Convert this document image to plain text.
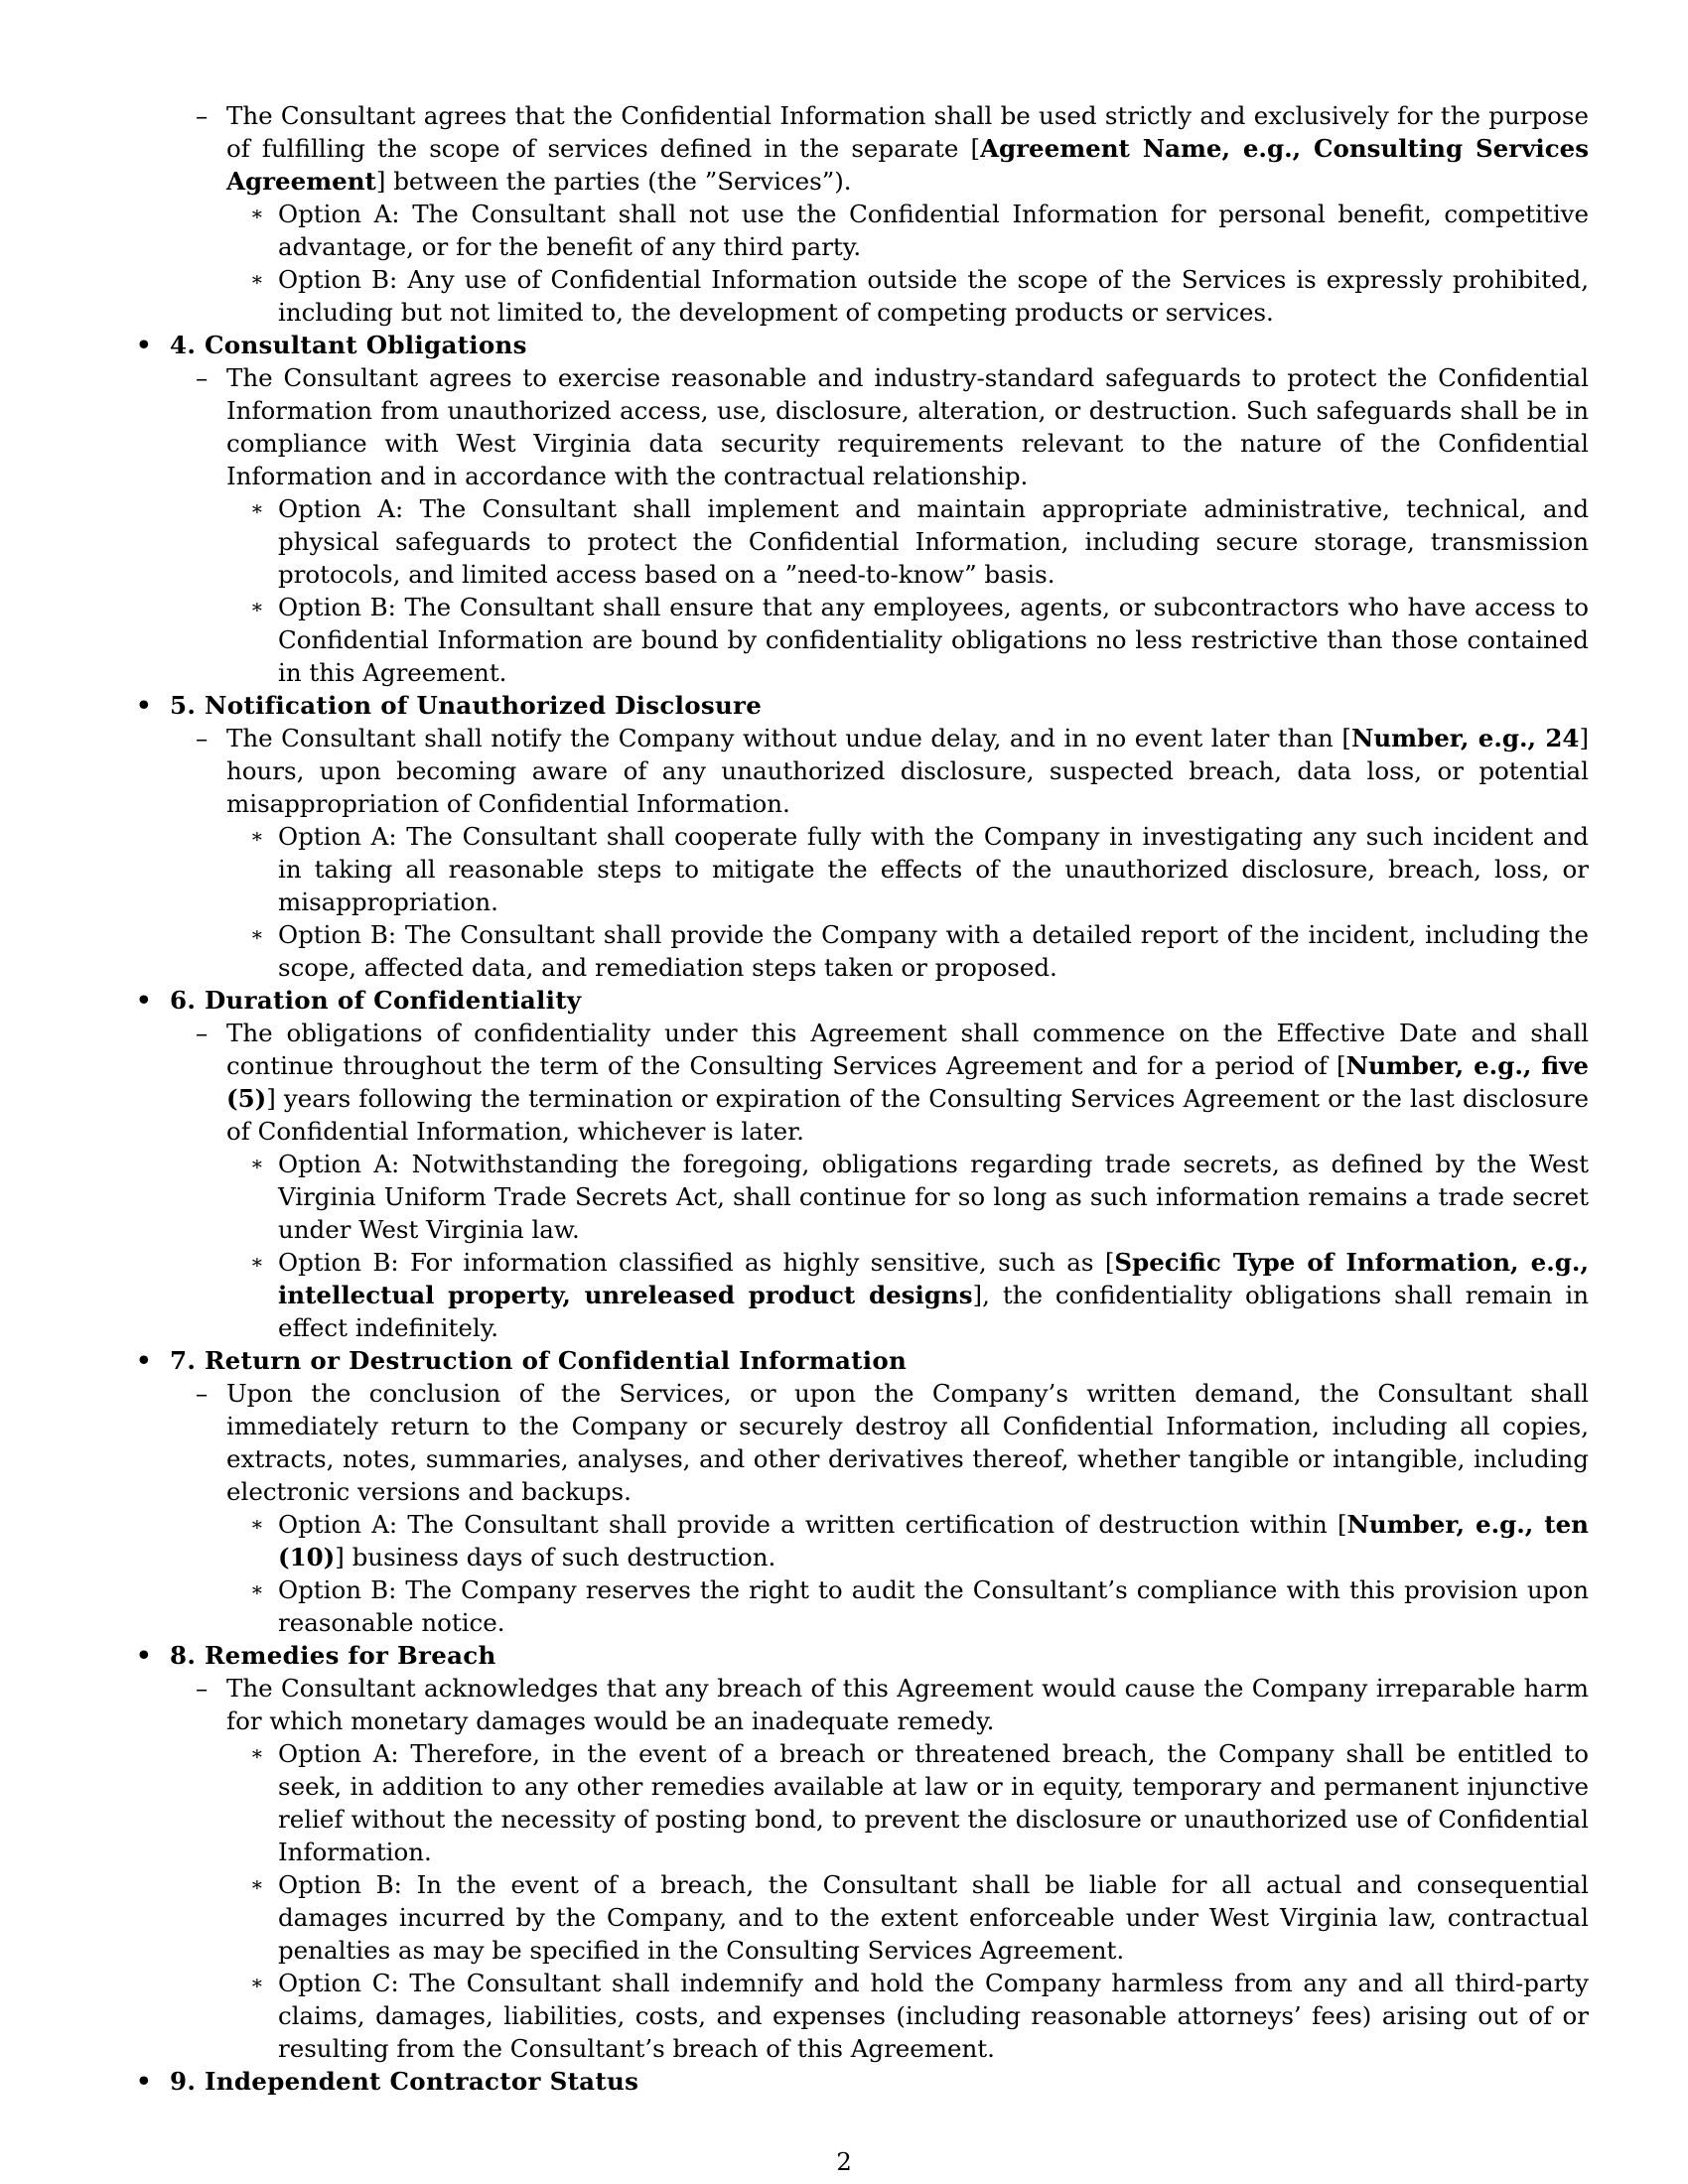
– The Consultant agrees that the Confidential Information shall be used strictly and exclusively for the purpose of fulfilling the scope of services defined in the separate [Agreement Name, e.g., Consulting Services Agreement] between the parties (the ”Services”).
∗ Option A: The Consultant shall not use the Confidential Information for personal benefit, competitive advantage, or for the benefit of any third party.
∗ Option B: Any use of Confidential Information outside the scope of the Services is expressly prohibited, including but not limited to, the development of competing products or services.
• 4. Consultant Obligations
– The Consultant agrees to exercise reasonable and industry-standard safeguards to protect the Confidential Information from unauthorized access, use, disclosure, alteration, or destruction. Such safeguards shall be in compliance with West Virginia data security requirements relevant to the nature of the Confidential Information and in accordance with the contractual relationship.
∗ Option A: The Consultant shall implement and maintain appropriate administrative, technical, and physical safeguards to protect the Confidential Information, including secure storage, transmission protocols, and limited access based on a ”need-to-know” basis.
∗ Option B: The Consultant shall ensure that any employees, agents, or subcontractors who have access to Confidential Information are bound by confidentiality obligations no less restrictive than those contained in this Agreement.
• 5. Notification of Unauthorized Disclosure
– The Consultant shall notify the Company without undue delay, and in no event later than [Number, e.g., 24] hours, upon becoming aware of any unauthorized disclosure, suspected breach, data loss, or potential misappropriation of Confidential Information.
∗ Option A: The Consultant shall cooperate fully with the Company in investigating any such incident and in taking all reasonable steps to mitigate the effects of the unauthorized disclosure, breach, loss, or misappropriation.
∗ Option B: The Consultant shall provide the Company with a detailed report of the incident, including the scope, affected data, and remediation steps taken or proposed.
• 6. Duration of Confidentiality
– The obligations of confidentiality under this Agreement shall commence on the Effective Date and shall continue throughout the term of the Consulting Services Agreement and for a period of [Number, e.g., five (5)] years following the termination or expiration of the Consulting Services Agreement or the last disclosure of Confidential Information, whichever is later.
∗ Option A: Notwithstanding the foregoing, obligations regarding trade secrets, as defined by the West Virginia Uniform Trade Secrets Act, shall continue for so long as such information remains a trade secret under West Virginia law.
∗ Option B: For information classified as highly sensitive, such as [Specific Type of Information, e.g., intellectual property, unreleased product designs], the confidentiality obligations shall remain in effect indefinitely.
• 7. Return or Destruction of Confidential Information
– Upon the conclusion of the Services, or upon the Company’s written demand, the Consultant shall immediately return to the Company or securely destroy all Confidential Information, including all copies, extracts, notes, summaries, analyses, and other derivatives thereof, whether tangible or intangible, including electronic versions and backups.
∗ Option A: The Consultant shall provide a written certification of destruction within [Number, e.g., ten (10)] business days of such destruction.
∗ Option B: The Company reserves the right to audit the Consultant’s compliance with this provision upon reasonable notice.
• 8. Remedies for Breach
– The Consultant acknowledges that any breach of this Agreement would cause the Company irreparable harm for which monetary damages would be an inadequate remedy.
∗ Option A: Therefore, in the event of a breach or threatened breach, the Company shall be entitled to seek, in addition to any other remedies available at law or in equity, temporary and permanent injunctive relief without the necessity of posting bond, to prevent the disclosure or unauthorized use of Confidential Information.
∗ Option B: In the event of a breach, the Consultant shall be liable for all actual and consequential damages incurred by the Company, and to the extent enforceable under West Virginia law, contractual penalties as may be specified in the Consulting Services Agreement.
∗ Option C: The Consultant shall indemnify and hold the Company harmless from any and all third-party claims, damages, liabilities, costs, and expenses (including reasonable attorneys’ fees) arising out of or resulting from the Consultant’s breach of this Agreement.
• 9. Independent Contractor Status
2
